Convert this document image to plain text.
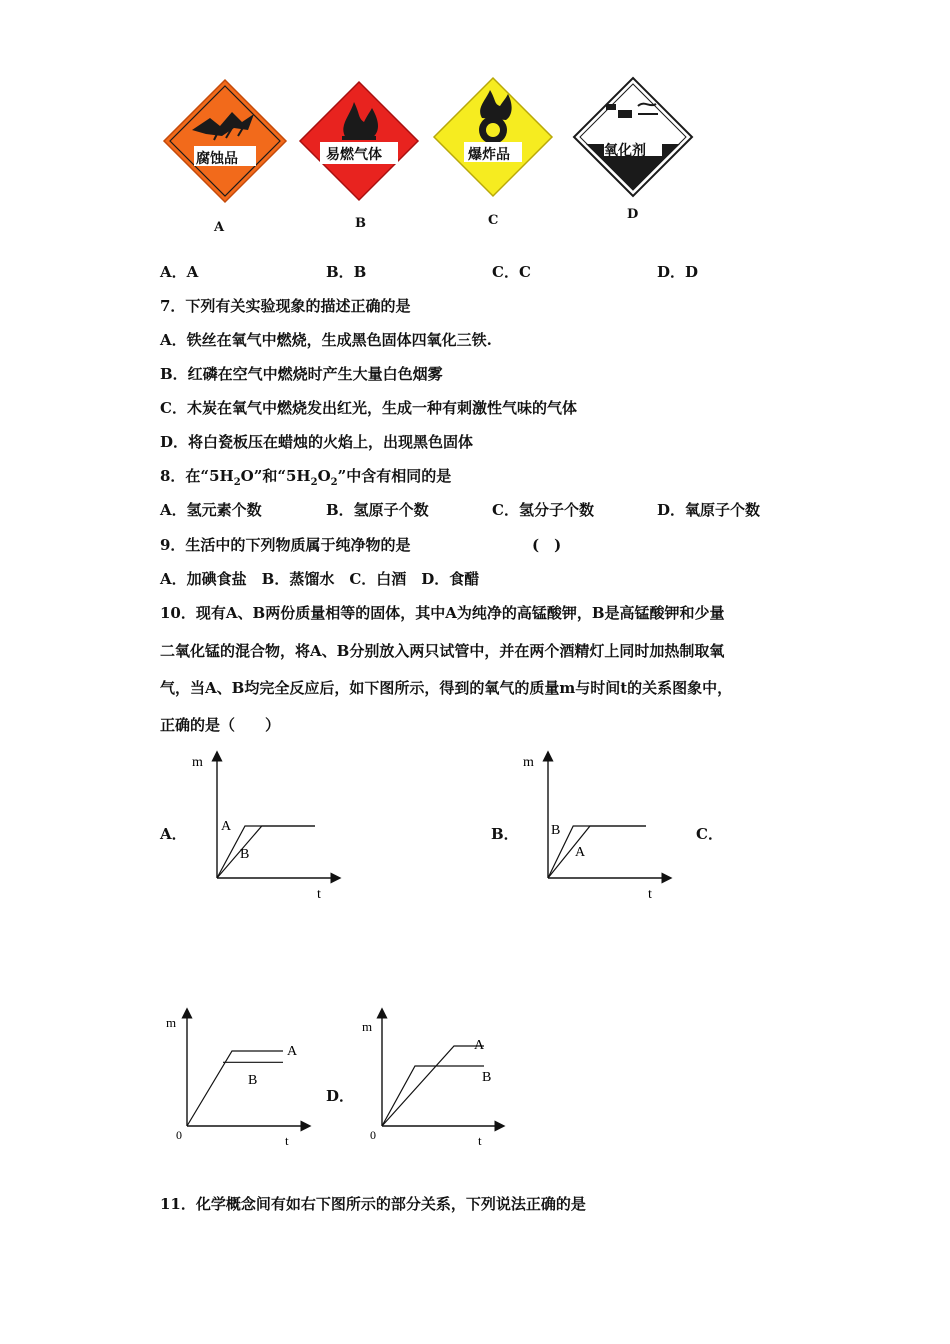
腐蚀品	易燃气体	爆炸品	氧化剂
A	B	C	D
A．A	B．B	C．C	D．D
7．下列有关实验现象的描述正确的是
A．铁丝在氧气中燃烧，生成黑色固体四氧化三铁.
B．红磷在空气中燃烧时产生大量白色烟雾
C．木炭在氧气中燃烧发出红光，生成一种有刺激性气味的气体
D．将白瓷板压在蜡烛的火焰上，出现黑色固体
8．在“$5H_2O$”和“$5H_2O_2$”中含有相同的是
A．氢元素个数	B．氢原子个数	C．氢分子个数	D．氧原子个数
9．生活中的下列物质属于纯净物的是	(　)
A．加碘食盐　B．蒸馏水　C．白酒　D．食醋
10．现有A、B两份质量相等的固体，其中A为纯净的高锰酸钾，B是高锰酸钾和少量
二氧化锰的混合物，将A、B分别放入两只试管中，并在两个酒精灯上同时加热制取氧
气，当A、B均完全反应后，如下图所示，得到的氧气的质量m与时间t的关系图象中，
正确的是（　　）
A．	B．	C．
D．
m
t
A
B
m
t
B
A
m
t
0
A
B
m
t
0
A
B
11．化学概念间有如右下图所示的部分关系，下列说法正确的是
